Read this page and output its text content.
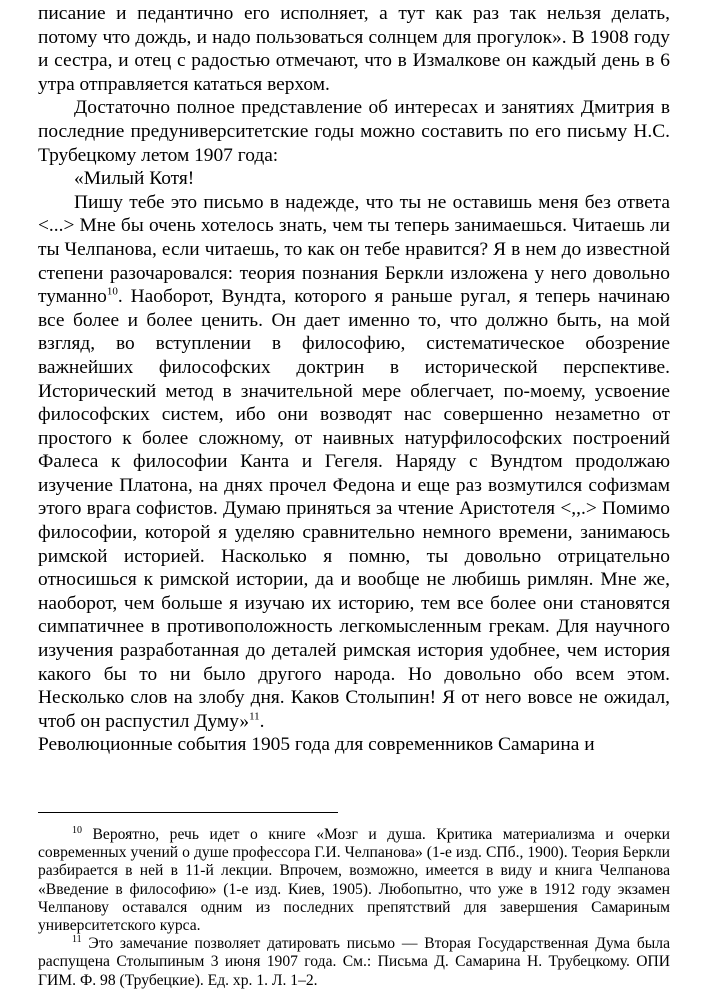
писание и педантично его исполняет, а тут как раз так нельзя делать, потому что дождь, и надо пользоваться солнцем для прогулок». В 1908 году и сестра, и отец с радостью отмечают, что в Измалкове он каждый день в 6 утра отправляется кататься верхом.

Достаточно полное представление об интересах и занятиях Дмитрия в последние предуниверситетские годы можно составить по его письму Н.С. Трубецкому летом 1907 года:

«Милый Котя!

Пишу тебе это письмо в надежде, что ты не оставишь меня без ответа <...> Мне бы очень хотелось знать, чем ты теперь занимаешься. Читаешь ли ты Челпанова, если читаешь, то как он тебе нравится? Я в нем до известной степени разочаровался: теория познания Беркли изложена у него довольно туманно$^{10}$. Наоборот, Вундта, которого я раньше ругал, я теперь начинаю все более и более ценить. Он дает именно то, что должно быть, на мой взгляд, во вступлении в философию, систематическое обозрение важнейших философских доктрин в исторической перспективе. Исторический метод в значительной мере облегчает, по-моему, усвоение философских систем, ибо они возводят нас совершенно незаметно от простого к более сложному, от наивных натурфилософских построений Фалеса к философии Канта и Гегеля. Наряду с Вундтом продолжаю изучение Платона, на днях прочел Федона и еще раз возмутился софизмам этого врага софистов. Думаю приняться за чтение Аристотеля <,,.> Помимо философии, которой я уделяю сравнительно немного времени, занимаюсь римской историей. Насколько я помню, ты довольно отрицательно относишься к римской истории, да и вообще не любишь римлян. Мне же, наоборот, чем больше я изучаю их историю, тем все более они становятся симпатичнее в противоположность легкомысленным грекам. Для научного изучения разработанная до деталей римская история удобнее, чем история какого бы то ни было другого народа. Но довольно обо всем этом. Несколько слов на злобу дня. Каков Столыпин! Я от него вовсе не ожидал, чтоб он распустил Думу»$^{11}$.

Революционные события 1905 года для современников Самарина и

$^{10}$ Вероятно, речь идет о книге «Мозг и душа. Критика материализма и очерки современных учений о душе профессора Г.И. Челпанова» (1-е изд. СПб., 1900). Теория Беркли разбирается в ней в 11-й лекции. Впрочем, возможно, имеется в виду и книга Челпанова «Введение в философию» (1-е изд. Киев, 1905). Любопытно, что уже в 1912 году экзамен Челпанову оставался одним из последних препятствий для завершения Самариным университетского курса.

$^{11}$ Это замечание позволяет датировать письмо — Вторая Государственная Дума была распущена Столыпиным 3 июня 1907 года. См.: Письма Д. Самарина Н. Трубецкому. ОПИ ГИМ. Ф. 98 (Трубецкие). Ед. хр. 1. Л. 1–2.
